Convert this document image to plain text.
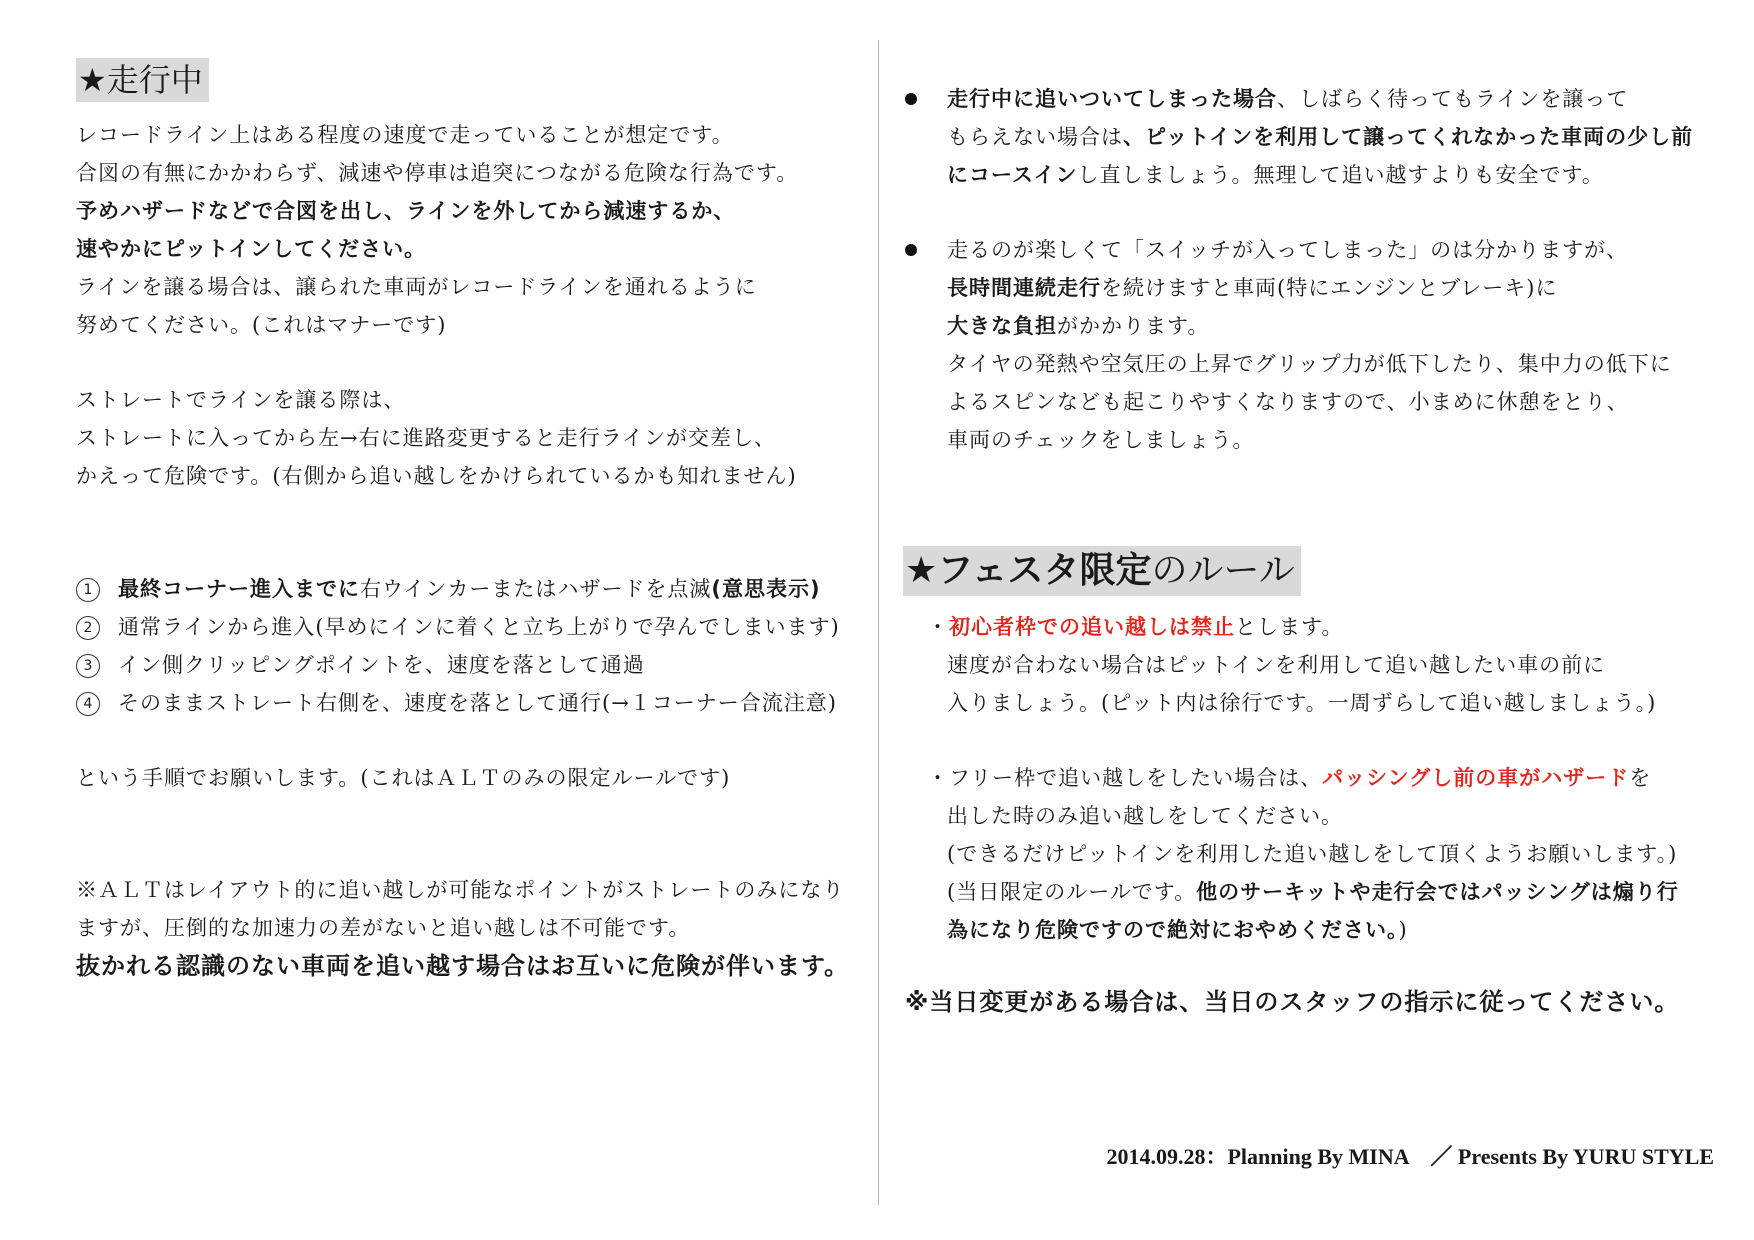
★走行中
レコードライン上はある程度の速度で走っていることが想定です。
合図の有無にかかわらず、減速や停車は追突につながる危険な行為です。
予めハザードなどで合図を出し、ラインを外してから減速するか、
速やかにピットインしてください。
ラインを譲る場合は、譲られた車両がレコードラインを通れるように
努めてください。(これはマナーです)
ストレートでラインを譲る際は、
ストレートに入ってから左→右に進路変更すると走行ラインが交差し、
かえって危険です。(右側から追い越しをかけられているかも知れません)
1 最終コーナー進入までに右ウインカーまたはハザードを点滅(意思表示)
2 通常ラインから進入(早めにインに着くと立ち上がりで孕んでしまいます)
3 イン側クリッピングポイントを、速度を落として通過
4 そのままストレート右側を、速度を落として通行(→１コーナー合流注意)
という手順でお願いします。(これはＡＬＴのみの限定ルールです)
※ＡＬＴはレイアウト的に追い越しが可能なポイントがストレートのみになり
ますが、圧倒的な加速力の差がないと追い越しは不可能です。
抜かれる認識のない車両を追い越す場合はお互いに危険が伴います。
走行中に追いついてしまった場合、しばらく待ってもラインを譲って
もらえない場合は、ピットインを利用して譲ってくれなかった車両の少し前
にコースインし直しましょう。無理して追い越すよりも安全です。
走るのが楽しくて「スイッチが入ってしまった」のは分かりますが、
長時間連続走行を続けますと車両(特にエンジンとブレーキ)に
大きな負担がかかります。
タイヤの発熱や空気圧の上昇でグリップ力が低下したり、集中力の低下に
よるスピンなども起こりやすくなりますので、小まめに休憩をとり、
車両のチェックをしましょう。
★フェスタ限定のルール
・初心者枠での追い越しは禁止とします。
速度が合わない場合はピットインを利用して追い越したい車の前に
入りましょう。(ピット内は徐行です。一周ずらして追い越しましょう。)
・フリー枠で追い越しをしたい場合は、パッシングし前の車がハザードを
出した時のみ追い越しをしてください。
(できるだけピットインを利用した追い越しをして頂くようお願いします。)
(当日限定のルールです。他のサーキットや走行会ではパッシングは煽り行
為になり危険ですので絶対におやめください。)
※当日変更がある場合は、当日のスタッフの指示に従ってください。
2014.09.28：Planning By MINA　／ Presents By YURU STYLE
